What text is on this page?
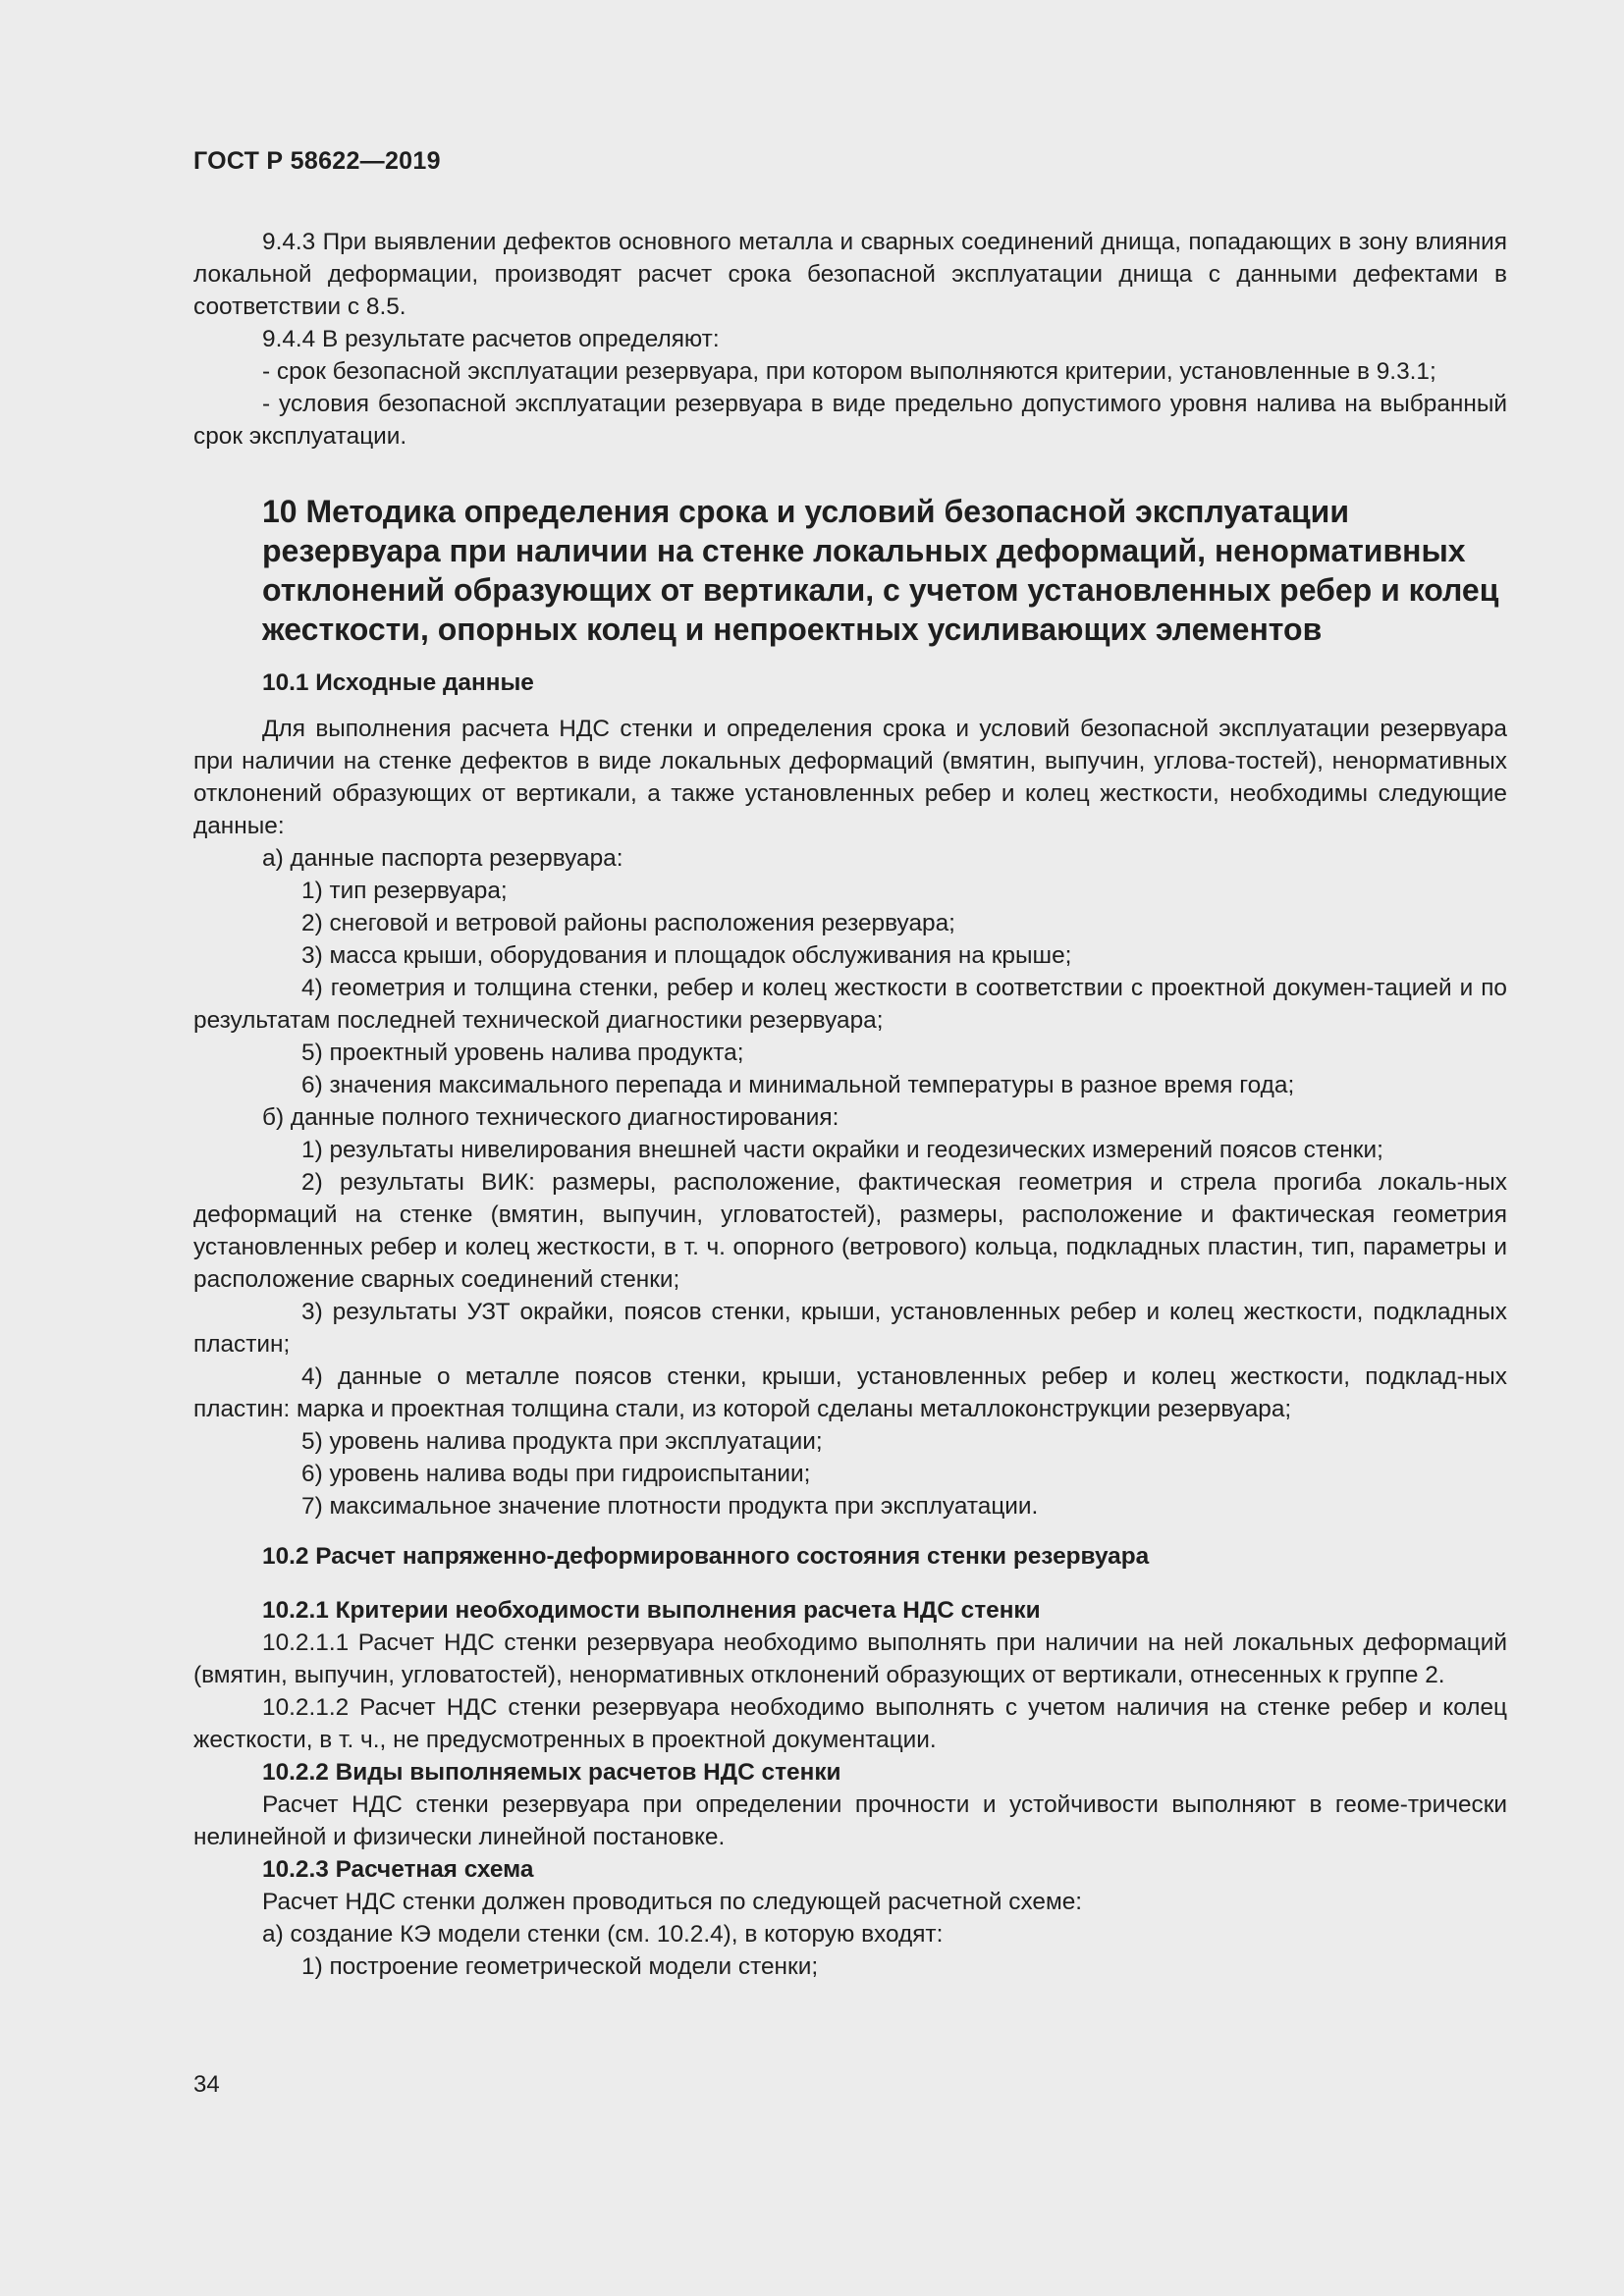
ГОСТ Р 58622—2019

9.4.3 При выявлении дефектов основного металла и сварных соединений днища, попадающих в зону влияния локальной деформации, производят расчет срока безопасной эксплуатации днища с данными дефектами в соответствии с 8.5.

9.4.4 В результате расчетов определяют:

- срок безопасной эксплуатации резервуара, при котором выполняются критерии, установленные в 9.3.1;

- условия безопасной эксплуатации резервуара в виде предельно допустимого уровня налива на выбранный срок эксплуатации.

10 Методика определения срока и условий безопасной эксплуатации резервуара при наличии на стенке локальных деформаций, ненормативных отклонений образующих от вертикали, с учетом установленных ребер и колец жесткости, опорных колец и непроектных усиливающих элементов
10.1 Исходные данные

Для выполнения расчета НДС стенки и определения срока и условий безопасной эксплуатации резервуара при наличии на стенке дефектов в виде локальных деформаций (вмятин, выпучин, углова-тостей), ненормативных отклонений образующих от вертикали, а также установленных ребер и колец жесткости, необходимы следующие данные:

а) данные паспорта резервуара:

1) тип резервуара;

2) снеговой и ветровой районы расположения резервуара;

3) масса крыши, оборудования и площадок обслуживания на крыше;

4) геометрия и толщина стенки, ребер и колец жесткости в соответствии с проектной докумен-тацией и по результатам последней технической диагностики резервуара;

5) проектный уровень налива продукта;

6) значения максимального перепада и минимальной температуры в разное время года;

б) данные полного технического диагностирования:

1) результаты нивелирования внешней части окрайки и геодезических измерений поясов стенки;

2) результаты ВИК: размеры, расположение, фактическая геометрия и стрела прогиба локаль-ных деформаций на стенке (вмятин, выпучин, угловатостей), размеры, расположение и фактическая геометрия установленных ребер и колец жесткости, в т. ч. опорного (ветрового) кольца, подкладных пластин, тип, параметры и расположение сварных соединений стенки;

3) результаты УЗТ окрайки, поясов стенки, крыши, установленных ребер и колец жесткости, подкладных пластин;

4) данные о металле поясов стенки, крыши, установленных ребер и колец жесткости, подклад-ных пластин: марка и проектная толщина стали, из которой сделаны металлоконструкции резервуара;

5) уровень налива продукта при эксплуатации;

6) уровень налива воды при гидроиспытании;

7) максимальное значение плотности продукта при эксплуатации.

10.2 Расчет напряженно-деформированного состояния стенки резервуара
10.2.1 Критерии необходимости выполнения расчета НДС стенки

10.2.1.1 Расчет НДС стенки резервуара необходимо выполнять при наличии на ней локальных деформаций (вмятин, выпучин, угловатостей), ненормативных отклонений образующих от вертикали, отнесенных к группе 2.

10.2.1.2 Расчет НДС стенки резервуара необходимо выполнять с учетом наличия на стенке ребер и колец жесткости, в т. ч., не предусмотренных в проектной документации.

10.2.2 Виды выполняемых расчетов НДС стенки

Расчет НДС стенки резервуара при определении прочности и устойчивости выполняют в геоме-трически нелинейной и физически линейной постановке.

10.2.3 Расчетная схема

Расчет НДС стенки должен проводиться по следующей расчетной схеме:

а) создание КЭ модели стенки (см. 10.2.4), в которую входят:

1) построение геометрической модели стенки;

34
